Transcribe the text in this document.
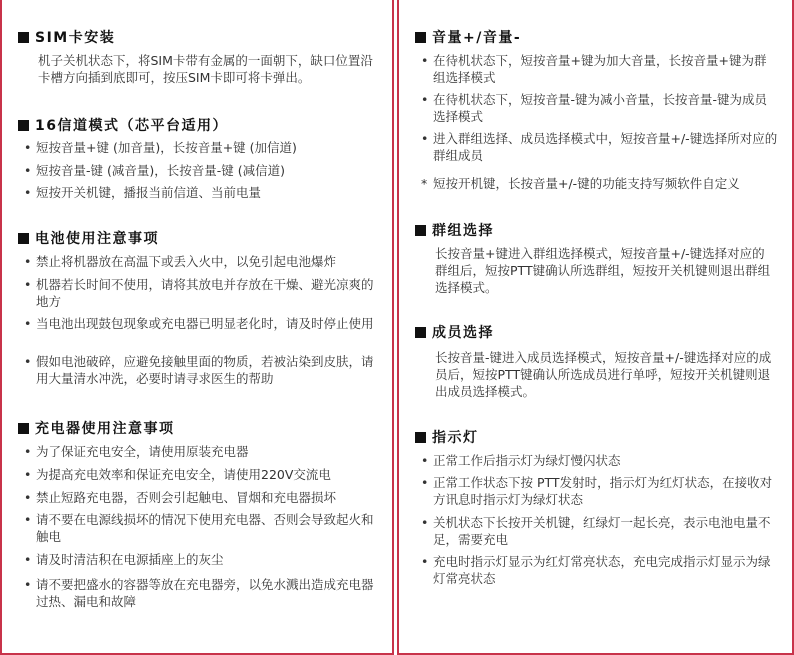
SIM卡安装
机子关机状态下，将SIM卡带有金属的一面朝下，缺口位置沿卡槽方向插到底即可，按压SIM卡即可将卡弹出。
16信道模式（芯平台适用）
• 短按音量+键 (加音量)，长按音量+键 (加信道)
• 短按音量-键 (减音量)，长按音量-键 (减信道)
• 短按开关机键，播报当前信道、当前电量
电池使用注意事项
• 禁止将机器放在高温下或丢入火中，以免引起电池爆炸
• 机器若长时间不使用，请将其放电并存放在干燥、避光凉爽的地方
• 当电池出现鼓包现象或充电器已明显老化时，请及时停止使用
• 假如电池破碎，应避免接触里面的物质，若被沾染到皮肤，请用大量清水冲洗，必要时请寻求医生的帮助
充电器使用注意事项
• 为了保证充电安全，请使用原装充电器
• 为提高充电效率和保证充电安全，请使用220V交流电
• 禁止短路充电器，否则会引起触电、冒烟和充电器损坏
• 请不要在电源线损坏的情况下使用充电器、否则会导致起火和触电
• 请及时清洁积在电源插座上的灰尘
• 请不要把盛水的容器等放在充电器旁，以免水溅出造成充电器过热、漏电和故障
音量+/音量-
• 在待机状态下，短按音量+键为加大音量，长按音量+键为群组选择模式
• 在待机状态下，短按音量-键为减小音量，长按音量-键为成员选择模式
• 进入群组选择、成员选择模式中，短按音量+/-键选择所对应的群组成员
* 短按开机键，长按音量+/-键的功能支持写频软件自定义
群组选择
长按音量+键进入群组选择模式，短按音量+/-键选择对应的群组后，短按PTT键确认所选群组，短按开关机键则退出群组选择模式。
成员选择
长按音量-键进入成员选择模式，短按音量+/-键选择对应的成员后，短按PTT键确认所选成员进行单呼，短按开关机键则退出成员选择模式。
指示灯
• 正常工作后指示灯为绿灯慢闪状态
• 正常工作状态下按 PTT发射时，指示灯为红灯状态，在接收对方讯息时指示灯为绿灯状态
• 关机状态下长按开关机键，红绿灯一起长亮，表示电池电量不足，需要充电
• 充电时指示灯显示为红灯常亮状态，充电完成指示灯显示为绿灯常亮状态
